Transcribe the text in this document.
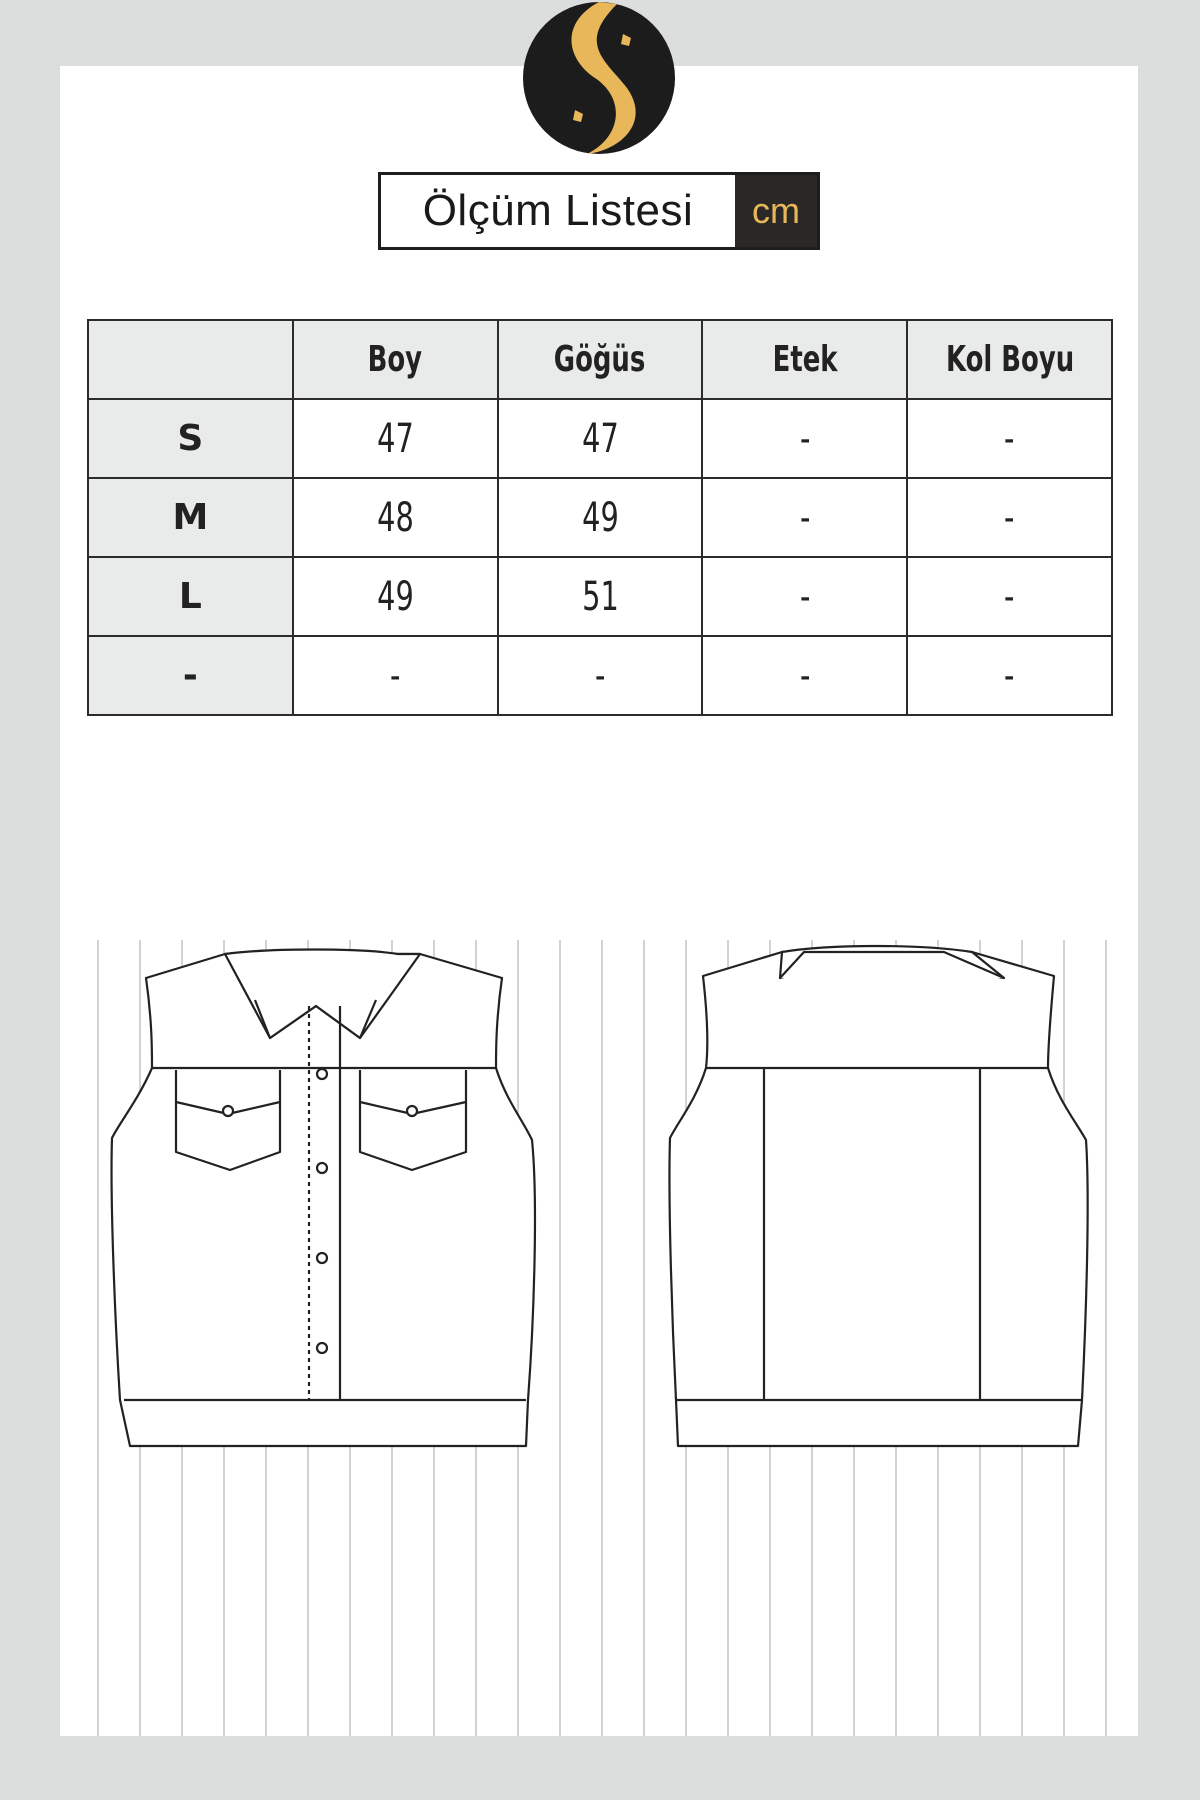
Ölçüm Listesi	cm
	Boy	Göğüs	Etek	Kol Boyu
S	47	47	-	-
M	48	49	-	-
L	49	51	-	-
-	-	-	-	-
